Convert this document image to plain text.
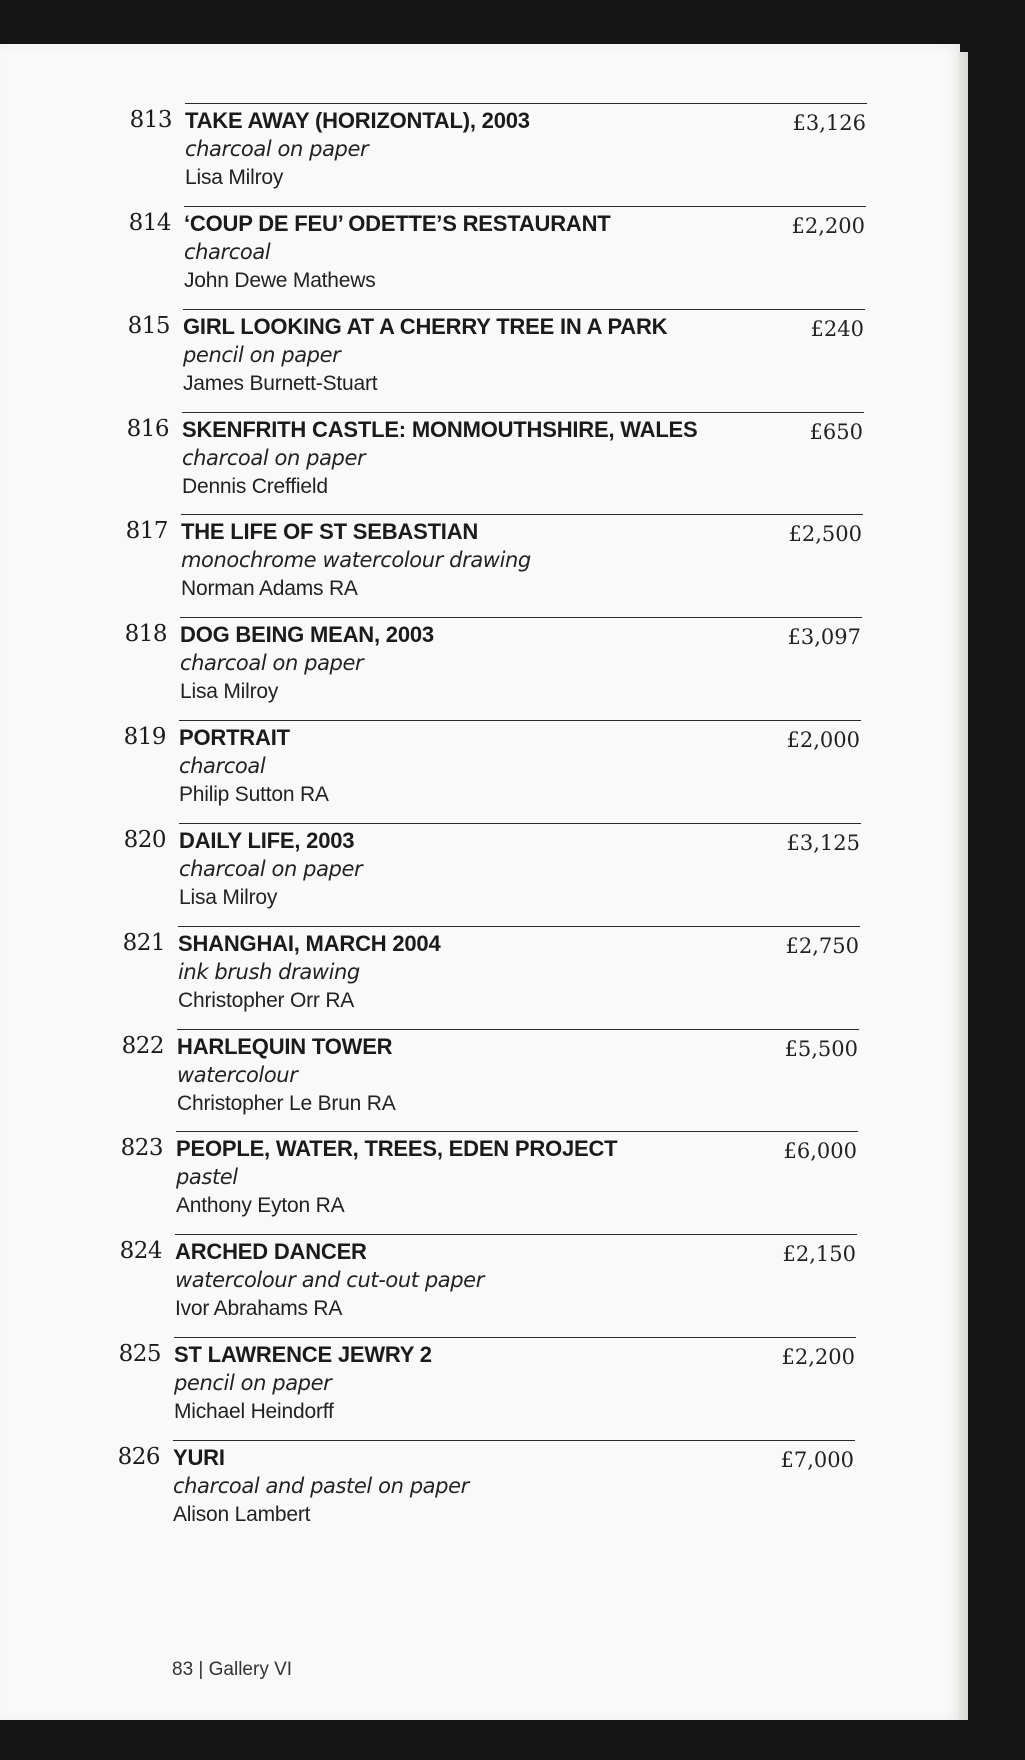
813 TAKE AWAY (HORIZONTAL), 2003
charcoal on paper
Lisa Milroy
£3,126
814 ‘COUP DE FEU’ ODETTE’S RESTAURANT
charcoal
John Dewe Mathews
£2,200
815 GIRL LOOKING AT A CHERRY TREE IN A PARK
pencil on paper
James Burnett-Stuart
£240
816 SKENFRITH CASTLE: MONMOUTHSHIRE, WALES
charcoal on paper
Dennis Creffield
£650
817 THE LIFE OF ST SEBASTIAN
monochrome watercolour drawing
Norman Adams RA
£2,500
818 DOG BEING MEAN, 2003
charcoal on paper
Lisa Milroy
£3,097
819 PORTRAIT
charcoal
Philip Sutton RA
£2,000
820 DAILY LIFE, 2003
charcoal on paper
Lisa Milroy
£3,125
821 SHANGHAI, MARCH 2004
ink brush drawing
Christopher Orr RA
£2,750
822 HARLEQUIN TOWER
watercolour
Christopher Le Brun RA
£5,500
823 PEOPLE, WATER, TREES, EDEN PROJECT
pastel
Anthony Eyton RA
£6,000
824 ARCHED DANCER
watercolour and cut-out paper
Ivor Abrahams RA
£2,150
825 ST LAWRENCE JEWRY 2
pencil on paper
Michael Heindorff
£2,200
826 YURI
charcoal and pastel on paper
Alison Lambert
£7,000
83 | Gallery VI
